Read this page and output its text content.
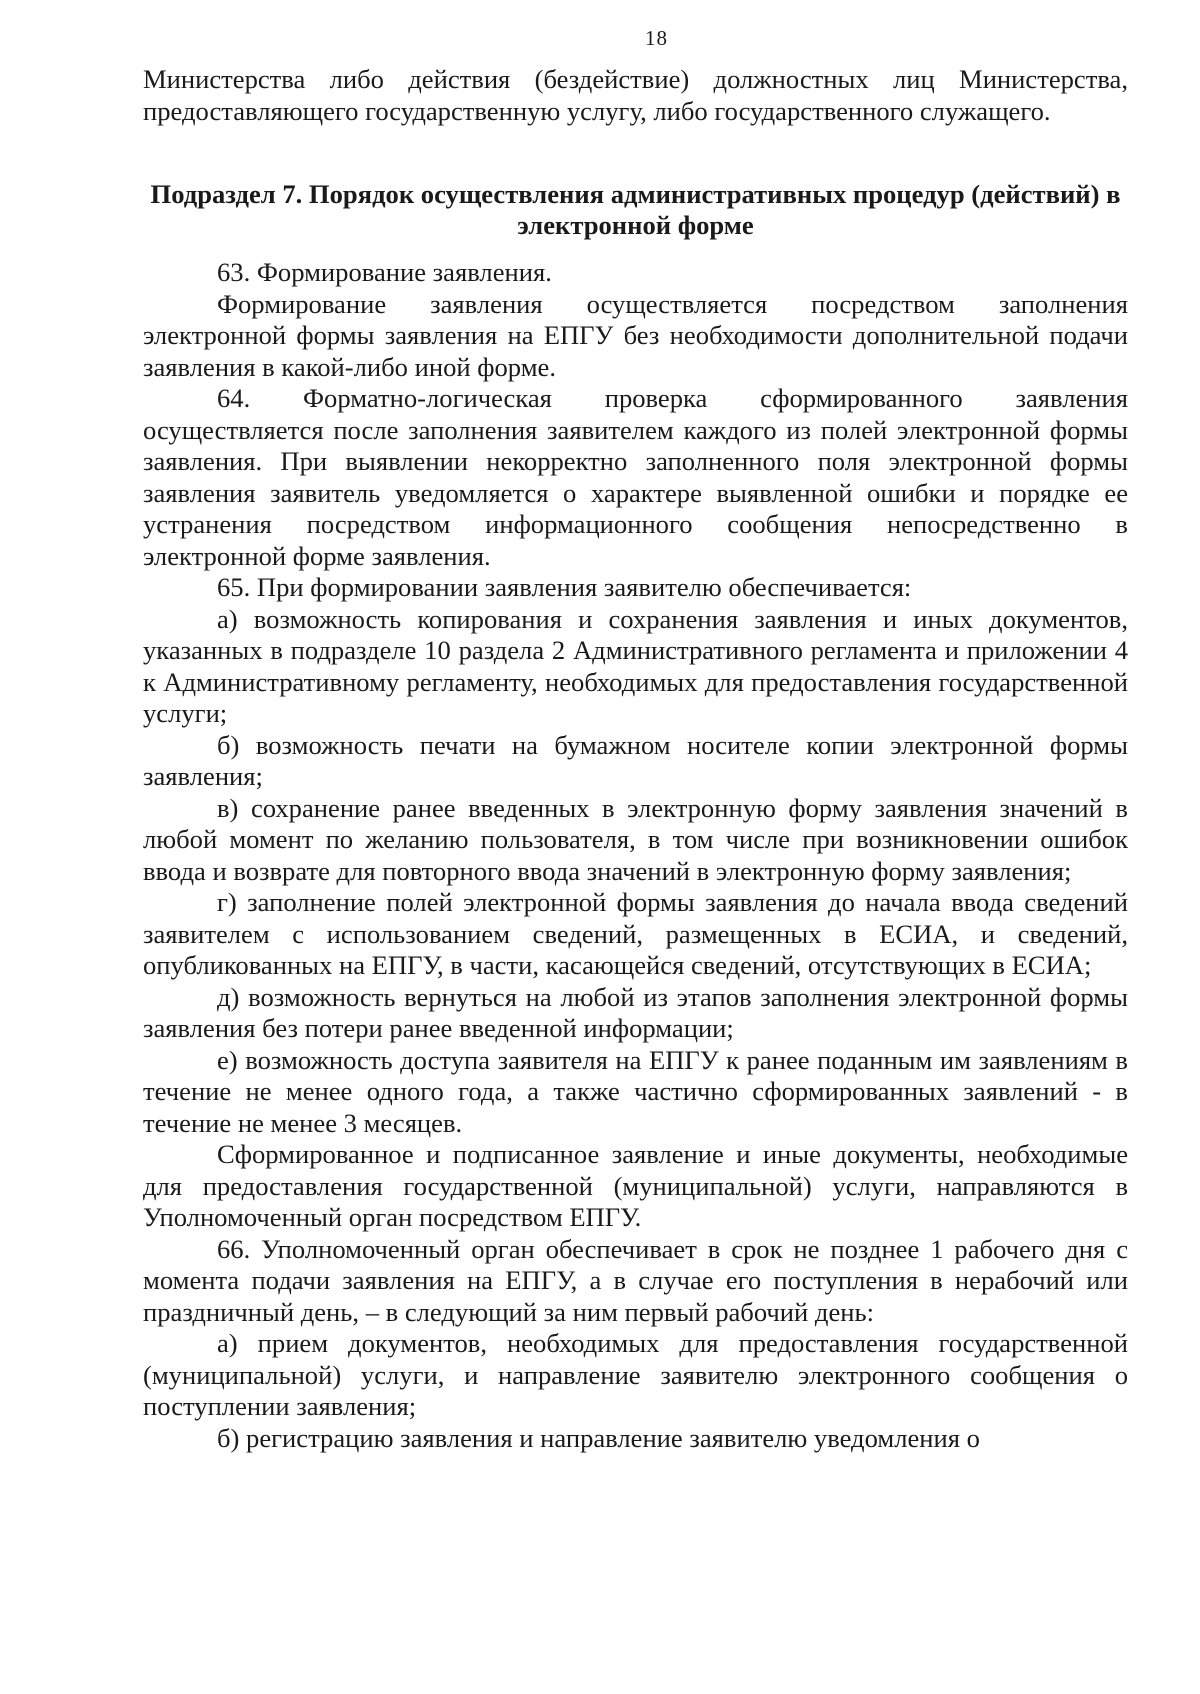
18

Министерства либо действия (бездействие) должностных лиц Министерства, предоставляющего государственную услугу, либо государственного служащего.

Подраздел 7. Порядок осуществления административных процедур (действий) в электронной форме

63. Формирование заявления.

Формирование заявления осуществляется посредством заполнения электронной формы заявления на ЕПГУ без необходимости дополнительной подачи заявления в какой-либо иной форме.

64. Форматно-логическая проверка сформированного заявления осуществляется после заполнения заявителем каждого из полей электронной формы заявления. При выявлении некорректно заполненного поля электронной формы заявления заявитель уведомляется о характере выявленной ошибки и порядке ее устранения посредством информационного сообщения непосредственно в электронной форме заявления.

65. При формировании заявления заявителю обеспечивается:

а) возможность копирования и сохранения заявления и иных документов, указанных в подразделе 10 раздела 2 Административного регламента и приложении 4 к Административному регламенту, необходимых для предоставления государственной услуги;

б) возможность печати на бумажном носителе копии электронной формы заявления;

в) сохранение ранее введенных в электронную форму заявления значений в любой момент по желанию пользователя, в том числе при возникновении ошибок ввода и возврате для повторного ввода значений в электронную форму заявления;

г) заполнение полей электронной формы заявления до начала ввода сведений заявителем с использованием сведений, размещенных в ЕСИА, и сведений, опубликованных на ЕПГУ, в части, касающейся сведений, отсутствующих в ЕСИА;

д) возможность вернуться на любой из этапов заполнения электронной формы заявления без потери ранее введенной информации;

е) возможность доступа заявителя на ЕПГУ к ранее поданным им заявлениям в течение не менее одного года, а также частично сформированных заявлений - в течение не менее 3 месяцев.

Сформированное и подписанное заявление и иные документы, необходимые для предоставления государственной (муниципальной) услуги, направляются в Уполномоченный орган посредством ЕПГУ.

66. Уполномоченный орган обеспечивает в срок не позднее 1 рабочего дня с момента подачи заявления на ЕПГУ, а в случае его поступления в нерабочий или праздничный день, – в следующий за ним первый рабочий день:

а) прием документов, необходимых для предоставления государственной (муниципальной) услуги, и направление заявителю электронного сообщения о поступлении заявления;

б) регистрацию заявления и направление заявителю уведомления о
